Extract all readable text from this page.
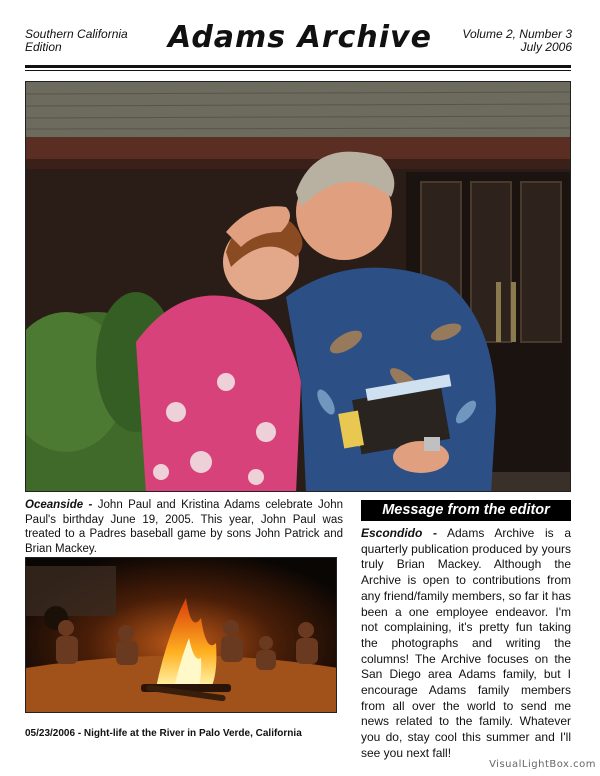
Southern California
Edition	Adams Archive	Volume 2, Number 3
July 2006
Oceanside - John Paul and Kristina Adams celebrate John Paul's birthday June 19, 2005. This year, John Paul was treated to a Padres baseball game by sons John Patrick and Brian Mackey.
05/23/2006 - Night-life at the River in Palo Verde, California
Message from the editor
Escondido - Adams Archive is a quarterly publication produced by yours truly Brian Mackey. Although the Archive is open to contributions from any friend/family members, so far it has been a one employee endeavor. I'm not complaining, it's pretty fun taking the photographs and writing the columns! The Archive focuses on the San Diego area Adams family, but I encourage Adams family members from all over the world to send me news related to the family. Whatever you do, stay cool this summer and I'll see you next fall!
VisualLightBox.com
